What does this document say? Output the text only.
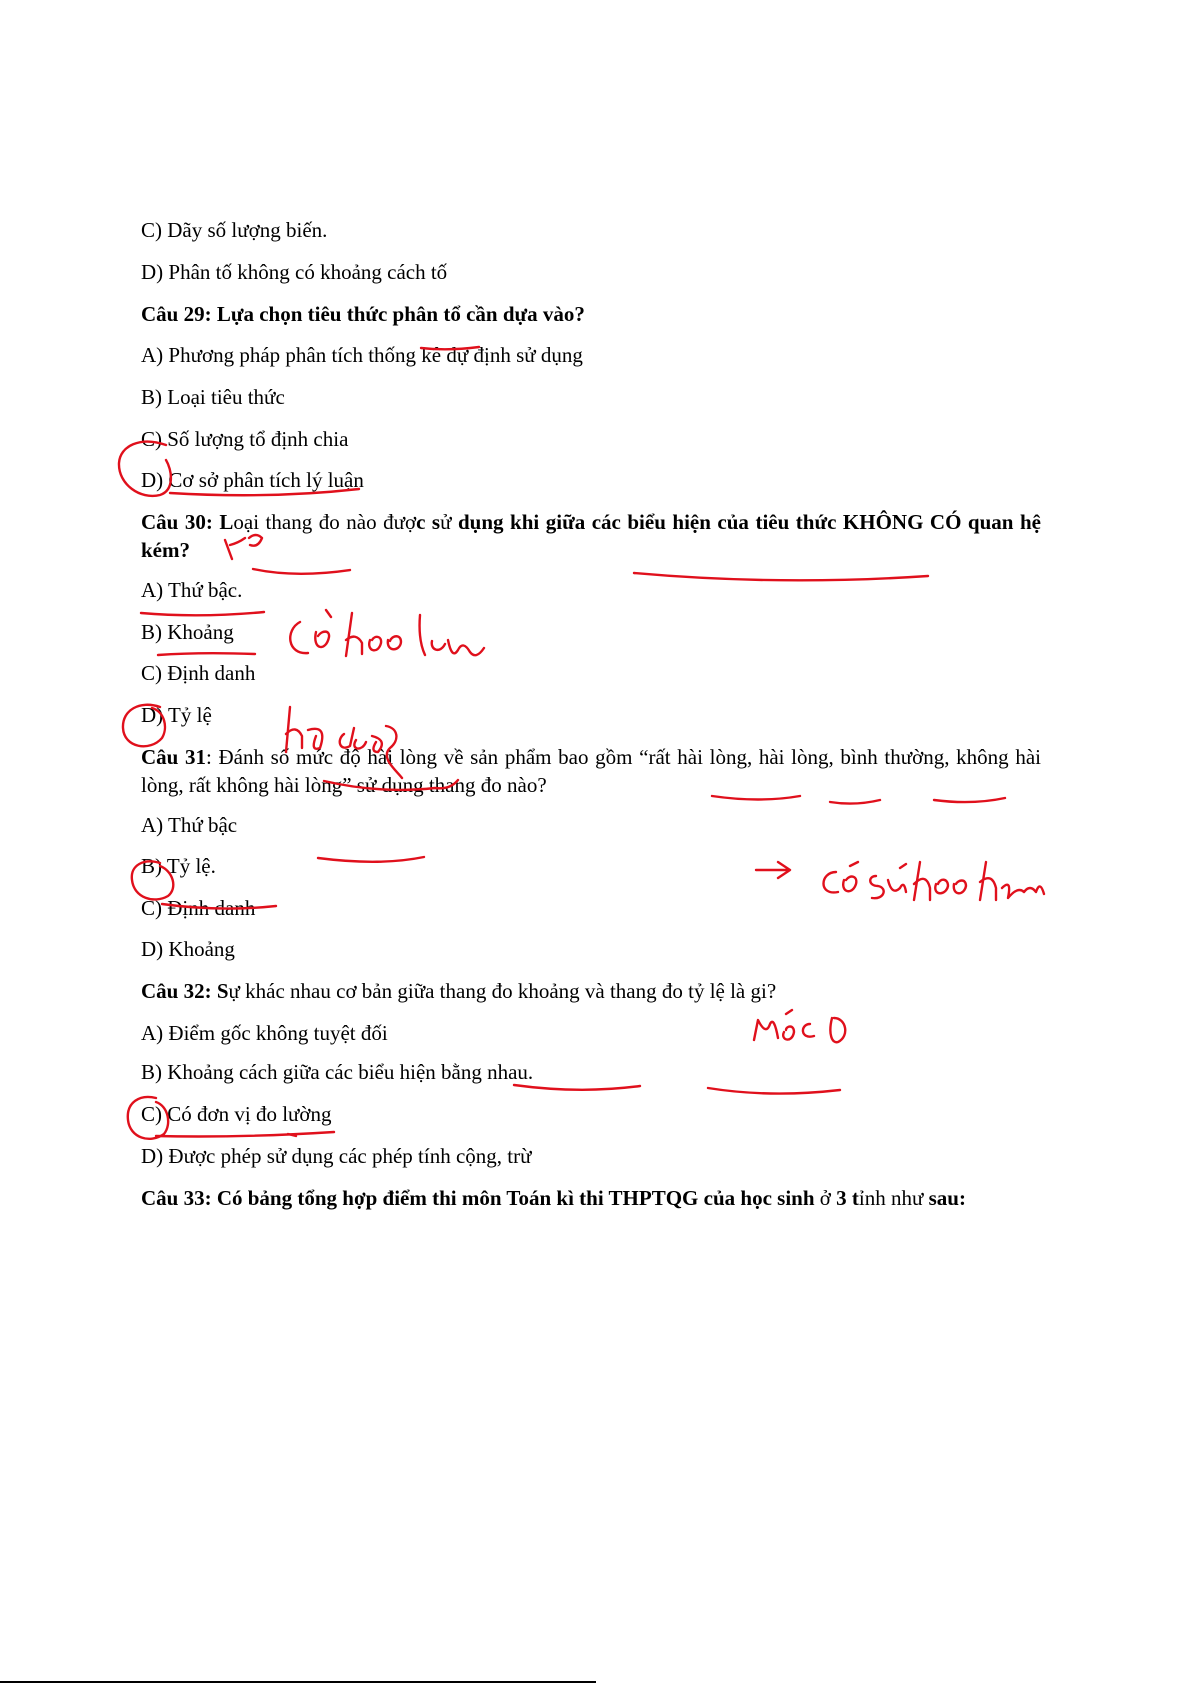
C) Dãy số lượng biến.
D) Phân tố không có khoảng cách tố
Câu 29: Lựa chọn tiêu thức phân tổ cần dựa vào?
A) Phương pháp phân tích thống kê dự định sử dụng
B) Loại tiêu thức
C) Số lượng tổ định chia
D) Cơ sở phân tích lý luận
Câu 30: Loại thang đo nào được sử dụng khi giữa các biểu hiện của tiêu thức KHÔNG CÓ quan hệ kém?
A) Thứ bậc.
B) Khoảng
C) Định danh
D) Tỷ lệ
Câu 31: Đánh số mức độ hài lòng về sản phẩm bao gồm “rất hài lòng, hài lòng, bình thường, không hài lòng, rất không hài lòng” sử dụng thang đo nào?
A) Thứ bậc
B) Tỷ lệ.
C) Định danh
D) Khoảng
Câu 32: Sự khác nhau cơ bản giữa thang đo khoảng và thang đo tỷ lệ là gi?
A) Điểm gốc không tuyệt đối
B) Khoảng cách giữa các biểu hiện bằng nhau.
C) Có đơn vị đo lường
D) Được phép sử dụng các phép tính cộng, trừ
Câu 33: Có bảng tổng hợp điểm thi môn Toán kì thi THPTQG của học sinh ở 3 tỉnh như sau:
